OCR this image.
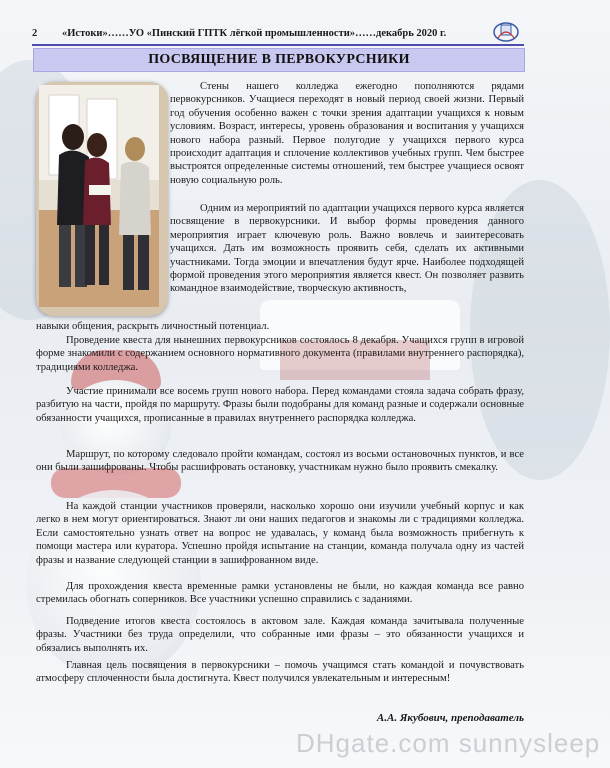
2	«Истоки»……УО «Пинский ГПТК лёгкой промышленности»……декабрь 2020 г.
ПОСВЯЩЕНИЕ В ПЕРВОКУРСНИКИ
Стены нашего колледжа ежегодно пополняются рядами первокурсников. Учащиеся переходят в новый период своей жизни. Первый год обучения особенно важен с точки зрения адаптации учащихся к новым условиям. Возраст, интересы, уровень образования и воспитания у учащихся нового набора разный. Первое полугодие у учащихся первого курса происходит адаптация и сплочение коллективов учебных групп. Чем быстрее выстроятся определенные системы отношений, тем быстрее учащиеся освоят новую социальную роль.
Одним из мероприятий по адаптации учащихся первого курса является посвящение в первокурсники. И выбор формы проведения данного мероприятия играет ключевую роль. Важно вовлечь и заинтересовать учащихся. Дать им возможность проявить себя, сделать их активными участниками. Тогда эмоции и впечатления будут ярче. Наиболее подходящей формой проведения этого мероприятия является квест. Он позволяет развить командное взаимодействие, творческую активность,
навыки общения, раскрыть личностный потенциал.
Проведение квеста для нынешних первокурсников состоялось 8 декабря. Учащихся групп в игровой форме знакомили с содержанием основного нормативного документа (правилами внутреннего распорядка), традициями колледжа.
Участие принимали все восемь групп нового набора. Перед командами стояла задача собрать фразу, разбитую на части, пройдя по маршруту. Фразы были подобраны для команд разные и содержали основные обязанности учащихся, прописанные в правилах внутреннего распорядка колледжа.
Маршрут, по которому следовало пройти командам, состоял из восьми остановочных пунктов, и все они были зашифрованы. Чтобы расшифровать остановку, участникам нужно было проявить смекалку.
На каждой станции участников проверяли, насколько хорошо они изучили учебный корпус и как легко в нем могут ориентироваться. Знают ли они наших педагогов и знакомы ли с традициями колледжа. Если самостоятельно узнать ответ на вопрос не удавалась, у команд была возможность прибегнуть к помощи мастера или куратора. Успешно пройдя испытание на станции, команда получала одну из частей фразы и название следующей станции в зашифрованном виде.
Для прохождения квеста временные рамки установлены не были, но каждая команда все равно стремилась обогнать соперников. Все участники успешно справились с заданиями.
Подведение итогов квеста состоялось в актовом зале. Каждая команда зачитывала полученные фразы. Участники без труда определили, что собранные ими фразы – это обязанности учащихся и обязались выполнять их.
Главная цель посвящения в первокурсники – помочь учащимся стать командой и почувствовать атмосферу сплоченности была достигнута. Квест получился увлекательным и интересным!
А.А. Якубович, преподаватель
DHgate.com sunnysleep
